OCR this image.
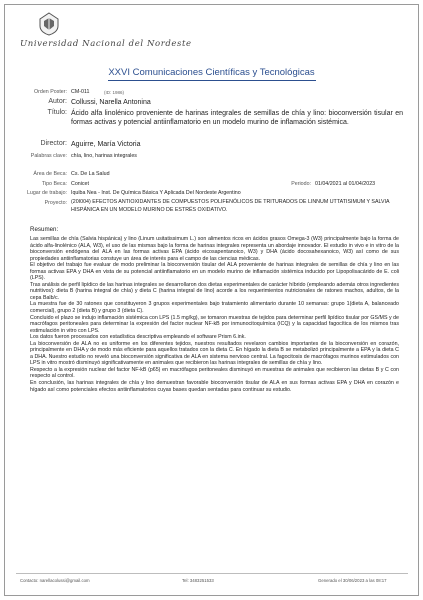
Universidad Nacional del Nordeste
XXVI Comunicaciones Científicas y Tecnológicas
Orden Poster: CM-011	(ID: 1986)
Autor: Collussi, Narella Antonina
Título: Ácido alfa linolénico proveniente de harinas integrales de semillas de chía y lino: bioconversión tisular en formas activas y potencial antiinflamatorio en un modelo murino de inflamación sistémica.
Director: Aguirre, María Victoria
Palabras clave: chía, lino, harinas integrales
Área de Beca: Cs. De La Salud
Tipo Beca: Conicet	Periodo: 01/04/2021 al 01/04/2023
Lugar de trabajo: Iquiba Nea - Inst. De Química Básica Y Aplicada Del Nordeste Argentino
Proyecto: (20I004) EFECTOS ANTIOXIDANTES DE COMPUESTOS POLIFENÓLICOS DE TRITURADOS DE LINNUM UTTATISIMUM Y SALVIA HISPÁNICA EN UN MODELO MURINO DE ESTRÉS OXIDATIVO.
Resumen:

Las semillas de chía (Salvia hispánica) y lino (Linum usitatissimum L.) son alimentos ricos en ácidos grasos Omega-3 (W3) principalmente bajo la forma de ácido alfa-linolénico (ALA, W3), el uso de las mismas bajo la forma de harinas integrales representa un abordaje innovador. El estudio in vivo e in vitro de la bioconversión endógena del ALA en las formas activas EPA (ácido eicosapentanoico, W3) y DHA (ácido docosahexanoico, W3) así como de sus propiedades antiinflamatorias constuye un área de interés para el campo de las ciencias médicas.

El objetivo del trabajo fue evaluar de modo preliminar la bioconversión tisular del ALA proveniente de harinas integrales de semillas de chía y lino en las formas activas EPA y DHA en vista de su potencial antiinflamatorio en un modelo murino de inflamación sistémica inducido por Lipopolisacárido de E. coli (LPS).

Tras análisis de perfil lipídico de las harinas integrales se desarrollaron dos dietas experimentales de carácter híbrido (empleando además otros ingredientes nutritivos): dieta B (harina integral de chía) y dieta C (harina integral de lino) acorde a los requerimientos nutricionales de ratones machos, adultos, de la cepa Balb/c.

La muestra fue de 30 ratones que constituyeron 3 grupos experimentales bajo tratamiento alimentario durante 10 semanas: grupo 1(dieta A, balanceado comercial), grupo 2 (dieta B) y grupo 3 (dieta C).

Concluido el plazo se indujo inflamación sistémica con LPS (1.5 mg/kg), se tomaron muestras de tejidos para determinar perfil lipídico tisular por GS/MS y de macrófagos peritoneales para determinar la expresión del factor nuclear NF-kB por inmunocitoquímica (ICQ) y la capacidad fagocítica de los mismos tras estimulación in vitro con LPS.

Los datos fueron procesados con estadística descriptiva empleando el software Prism 6.ink.

La bioconversión de ALA no es uniforme en los diferentes tejidos, nuestros resultados revelaron cambios importantes de la bioconversión en corazón, principalmente en DHA y de modo más eficiente para aquellos tratados con la dieta C. En hígado la dieta B se metabolizó principalmente a EPA y la dieta C a DHA. Nuestro estudio no reveló una bioconversión significativa de ALA en sistema nervioso central. La fagocitosis de macrófagos murinos estimulados con LPS in vitro mostró disminuyó significativamente en animales que recibieron las harinas integrales de semillas de chía y lino.

Respecto a la expresión nuclear del factor NF-kB (p65) en macrófagos peritoneales disminuyó en muestras de animales que recibieron las dietas B y C con respecto al control.

En conclusión, las harinas integrales de chía y lino demuestran favorable bioconversión tisular de ALA en sus formas activas EPA y DHA en corazón e hígado así como potenciales efectos antiinflamatorios cuyas bases quedan sentadas para continuar su estudio.

Contacto: narellacolussi@gmail.com	Tel: 3483251533	Generado el 30/06/2023 a las 08:17
